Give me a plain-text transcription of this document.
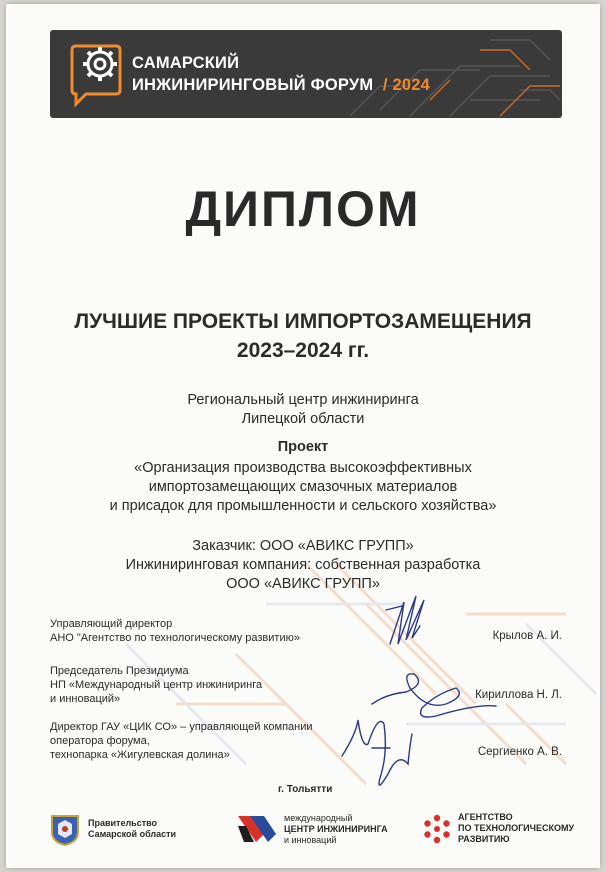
САМАРСКИЙ
ИНЖИНИРИНГОВЫЙ ФОРУМ / 2024
ДИПЛОМ
ЛУЧШИЕ ПРОЕКТЫ ИМПОРТОЗАМЕЩЕНИЯ
2023–2024 гг.
Региональный центр инжиниринга
Липецкой области
Проект
«Организация производства высокоэффективных
импортозамещающих смазочных материалов
и присадок для промышленности и сельского хозяйства»
Заказчик: ООО «АВИКС ГРУПП»
Инжиниринговая компания: собственная разработка
ООО «АВИКС ГРУПП»
Управляющий директор
АНО "Агентство по технологическому развитию»	Крылов А. И.
Председатель Президиума
НП «Международный центр инжиниринга
и инноваций»	Кириллова Н. Л.
Директор ГАУ «ЦИК СО» – управляющей компании
оператора форума,
технопарка «Жигулевская долина»	Сергиенко А. В.
г. Тольятти
Правительство
Самарской области
международный
ЦЕНТР ИНЖИНИРИНГА
и инноваций
АГЕНТСТВО
ПО ТЕХНОЛОГИЧЕСКОМУ
РАЗВИТИЮ
